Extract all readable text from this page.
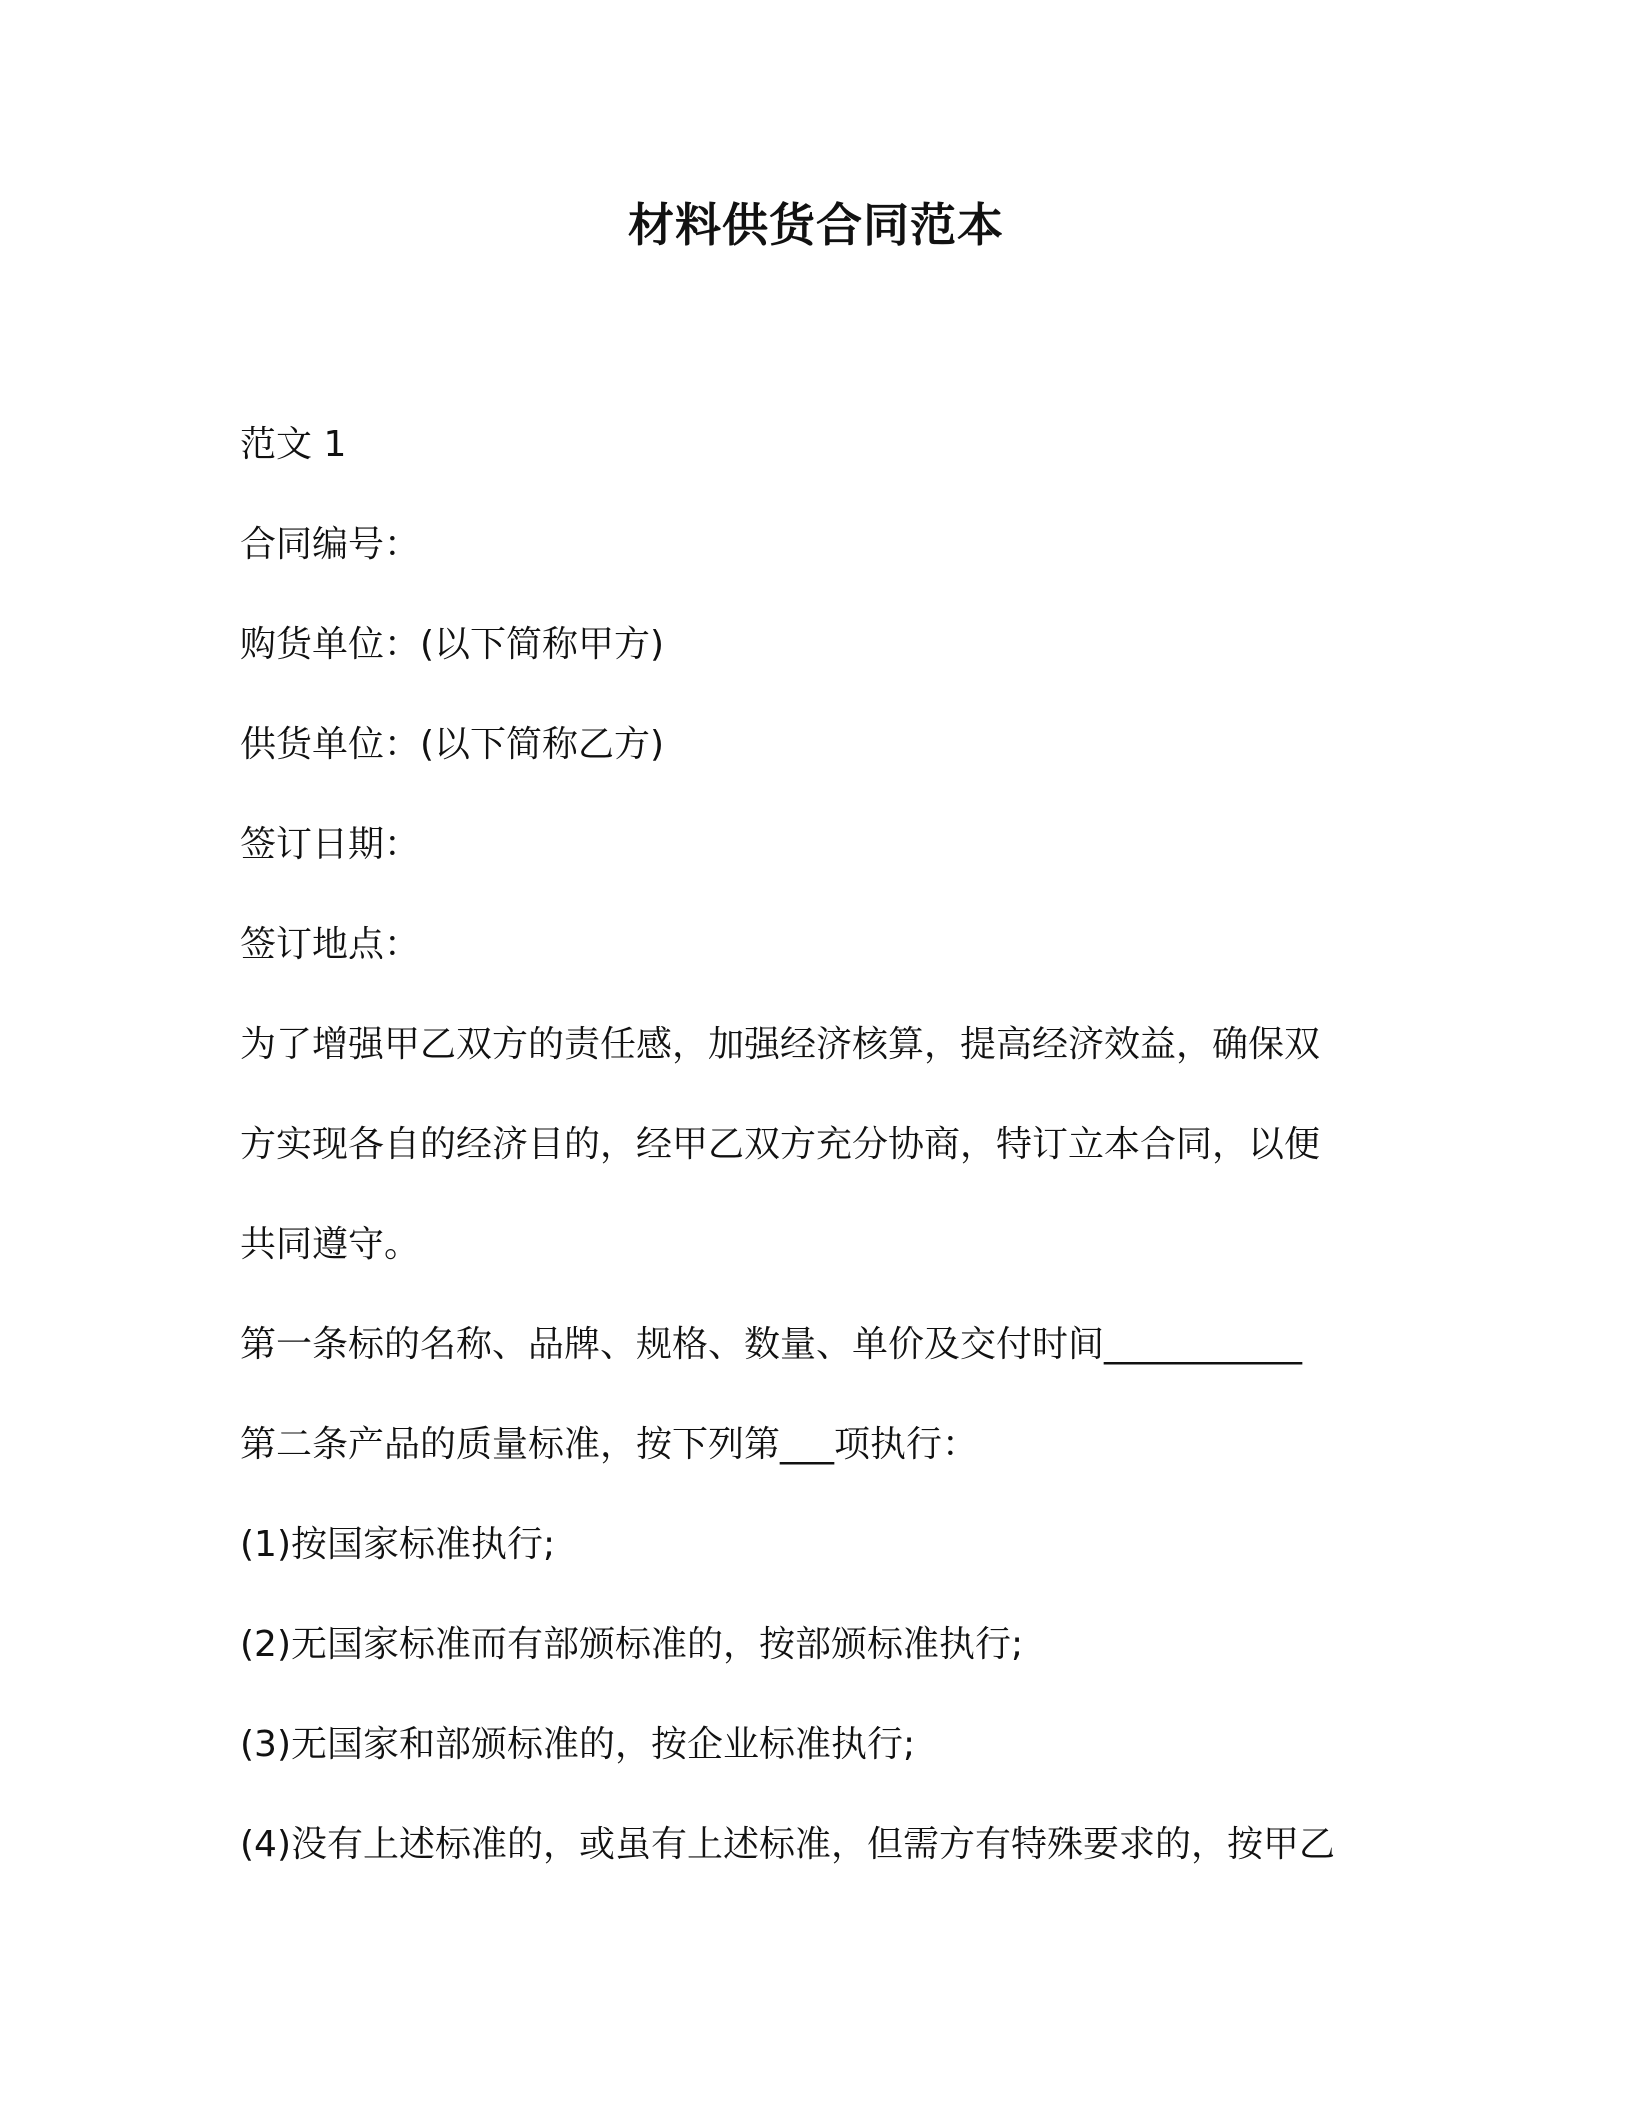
材料供货合同范本
范文 1
合同编号：
购货单位：(以下简称甲方)
供货单位：(以下简称乙方)
签订日期：
签订地点：
为了增强甲乙双方的责任感，加强经济核算，提高经济效益，确保双
方实现各自的经济目的，经甲乙双方充分协商，特订立本合同，以便
共同遵守。
第一条标的名称、品牌、规格、数量、单价及交付时间___________
第二条产品的质量标准，按下列第___项执行：
(1)按国家标准执行;
(2)无国家标准而有部颁标准的，按部颁标准执行;
(3)无国家和部颁标准的，按企业标准执行;
(4)没有上述标准的，或虽有上述标准，但需方有特殊要求的，按甲乙
